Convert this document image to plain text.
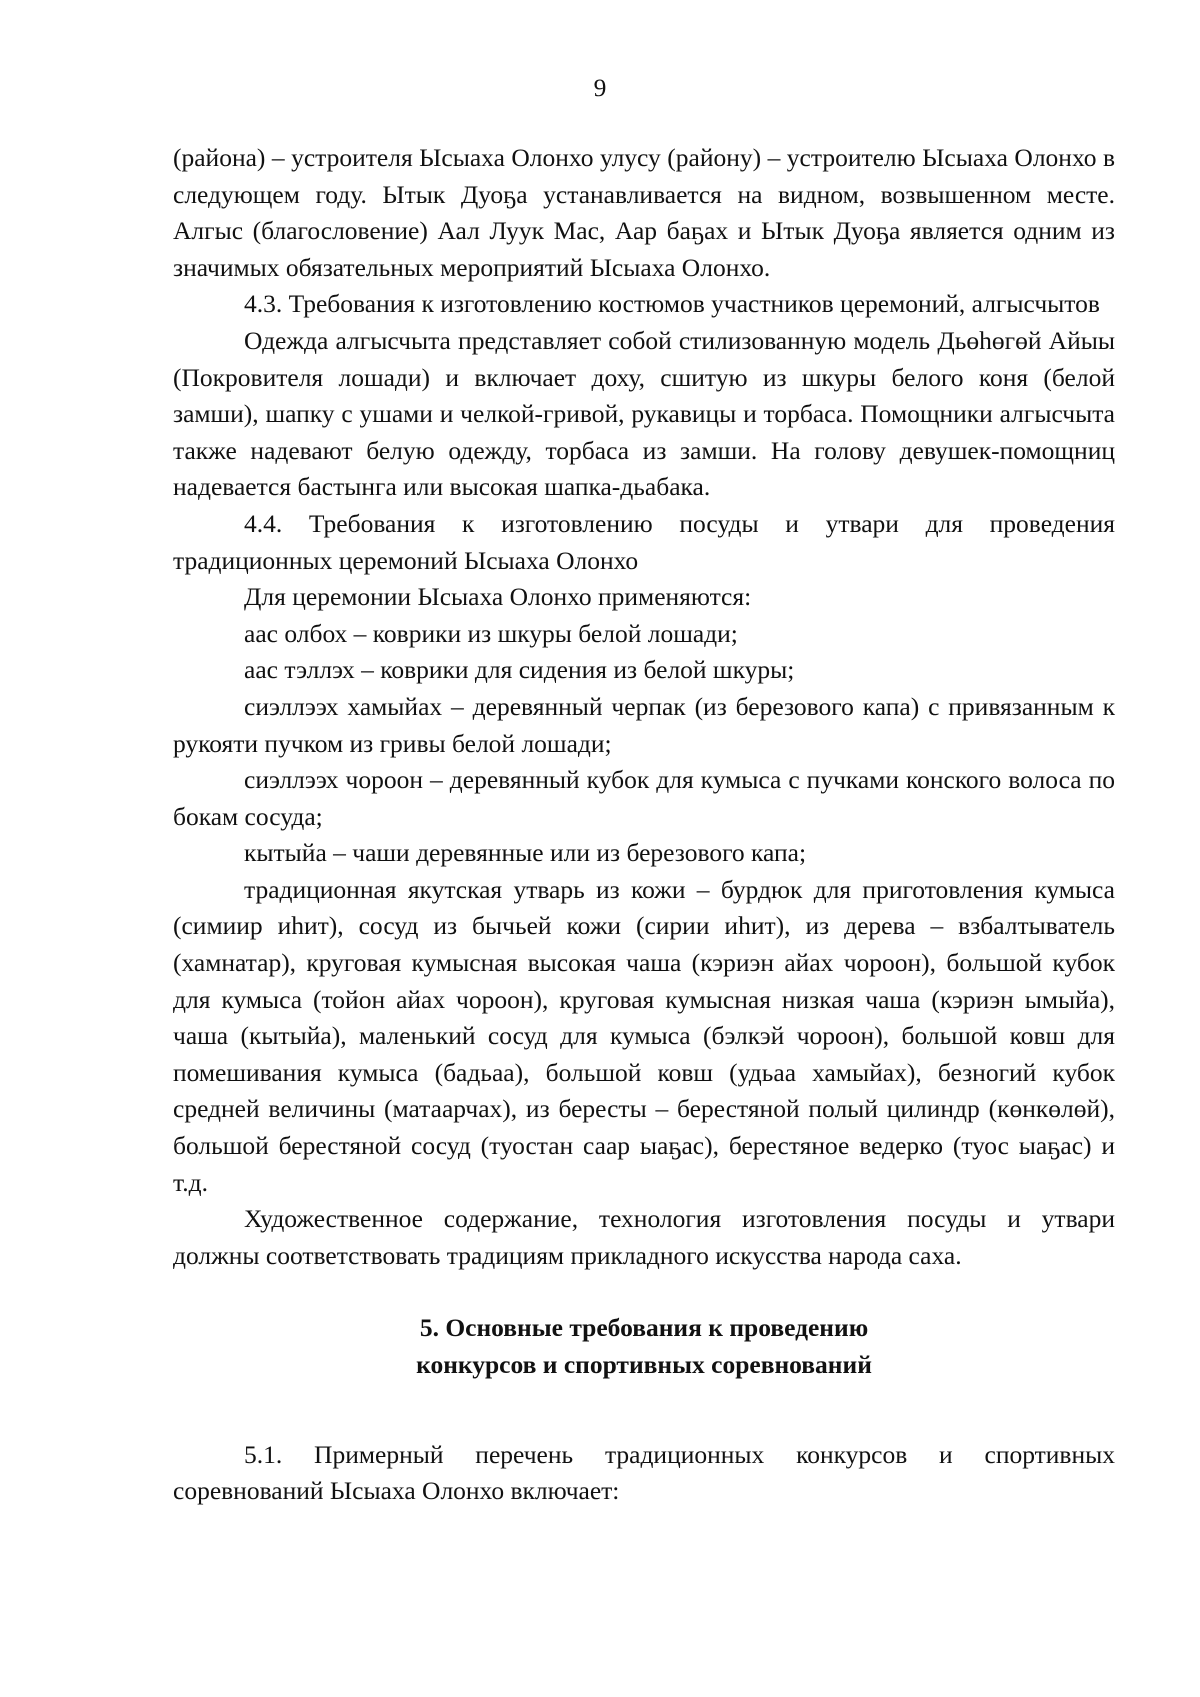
9

(района) – устроителя Ысыаха Олонхо улусу (району) – устроителю Ысыаха Олонхо в следующем году. Ытык Дуоҕа устанавливается на видном, возвышенном месте. Алгыс (благословение) Аал Луук Мас, Аар баҕах и Ытык Дуоҕа является одним из значимых обязательных мероприятий Ысыаха Олонхо.

4.3. Требования к изготовлению костюмов участников церемоний, алгысчытов

Одежда алгысчыта представляет собой стилизованную модель Дьөһөгөй Айыы (Покровителя лошади) и включает доху, сшитую из шкуры белого коня (белой замши), шапку с ушами и челкой-гривой, рукавицы и торбаса. Помощники алгысчыта также надевают белую одежду, торбаса из замши. На голову девушек-помощниц надевается бастынга или высокая шапка-дьабака.

4.4. Требования к изготовлению посуды и утвари для проведения традиционных церемоний Ысыаха Олонхо

Для церемонии Ысыаха Олонхо применяются:

аас олбох – коврики из шкуры белой лошади;

аас тэллэх – коврики для сидения из белой шкуры;

сиэллээх хамыйах – деревянный черпак (из березового капа) с привязанным к рукояти пучком из гривы белой лошади;

сиэллээх чороон – деревянный кубок для кумыса с пучками конского волоса по бокам сосуда;

кытыйа – чаши деревянные или из березового капа;

традиционная якутская утварь из кожи – бурдюк для приготовления кумыса (симиир иһит), сосуд из бычьей кожи (сирии иһит), из дерева – взбалтыватель (хамнатар), круговая кумысная высокая чаша (кэриэн айах чороон), большой кубок для кумыса (тойон айах чороон), круговая кумысная низкая чаша (кэриэн ымыйа), чаша (кытыйа), маленький сосуд для кумыса (бэлкэй чороон), большой ковш для помешивания кумыса (бадьаа), большой ковш (удьаа хамыйах), безногий кубок средней величины (матаарчах), из бересты – берестяной полый цилиндр (көнкөлөй), большой берестяной сосуд (туостан саар ыаҕас), берестяное ведерко (туос ыаҕас) и т.д.

Художественное содержание, технология изготовления посуды и утвари должны соответствовать традициям прикладного искусства народа саха.

5. Основные требования к проведению
конкурсов и спортивных соревнований

5.1. Примерный перечень традиционных конкурсов и спортивных соревнований Ысыаха Олонхо включает:
